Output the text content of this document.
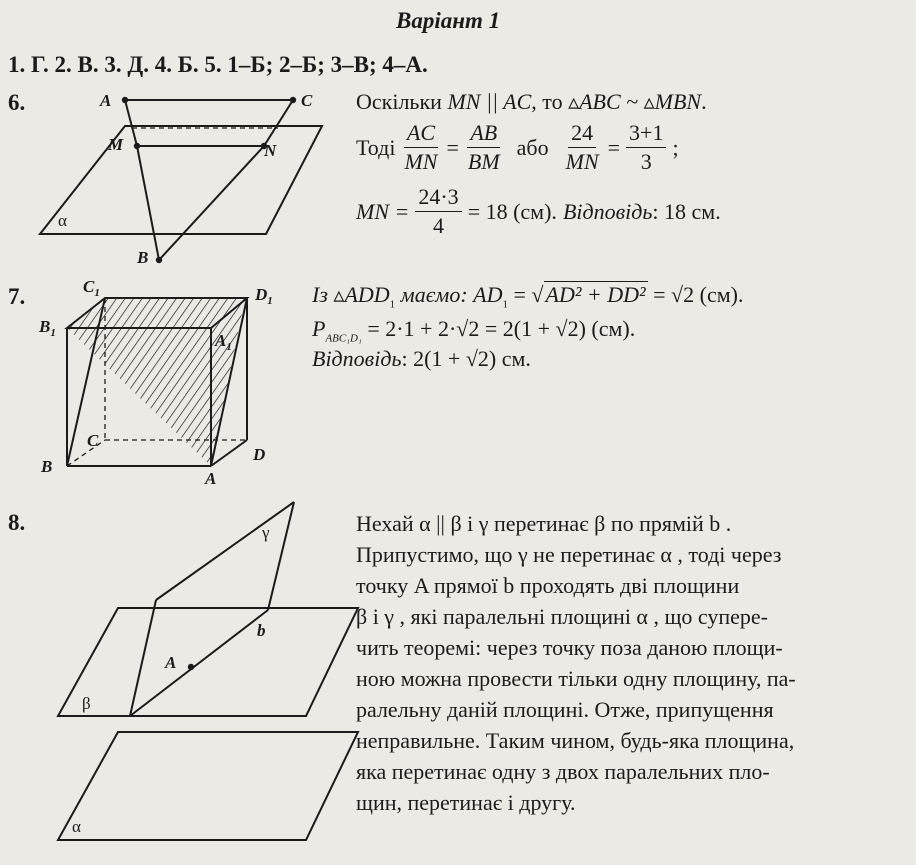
Варіант 1
1. Г. 2. В. 3. Д. 4. Б. 5. 1–Б; 2–Б; 3–В; 4–А.
6.	A	C
M	N
B
α
Оскільки MN || AC, то ▵ABC ~ ▵MBN.
Тоді $\frac{AC}{MN} = \frac{AB}{BM}$ або $\frac{24}{MN} = \frac{3+1}{3}$ ;
MN = $\frac{24\cdot 3}{4} = 18$ (см). Відповідь : 18 см.
7.	$C_1$	$D_1$
$B_1$	$A_1$
C
B
A
D
Із $▵ADD_1$ маємо: $AD_1 = √AD^2 + DD^2 = √2$ (см).
$P_{ABC_1D_1} = 2\cdot 1 + 2\cdot√2 = 2(1 + √2)$ (см).
Відповідь: 2(1 + √2) см.
8.	γ
b
A
β
α
Нехай α || β і γ перетинає β по прямій b .
Припустимо, що γ не перетинає α , тоді через
точку A прямої b проходять дві площини
β і γ , які паралельні площині α , що супере-
чить теоремі: через точку поза даною площи-
ною можна провести тільки одну площину, па-
ралельну даній площині. Отже, припущення
неправильне. Таким чином, будь-яка площина,
яка перетинає одну з двох паралельних пло-
щин, перетинає і другу.
